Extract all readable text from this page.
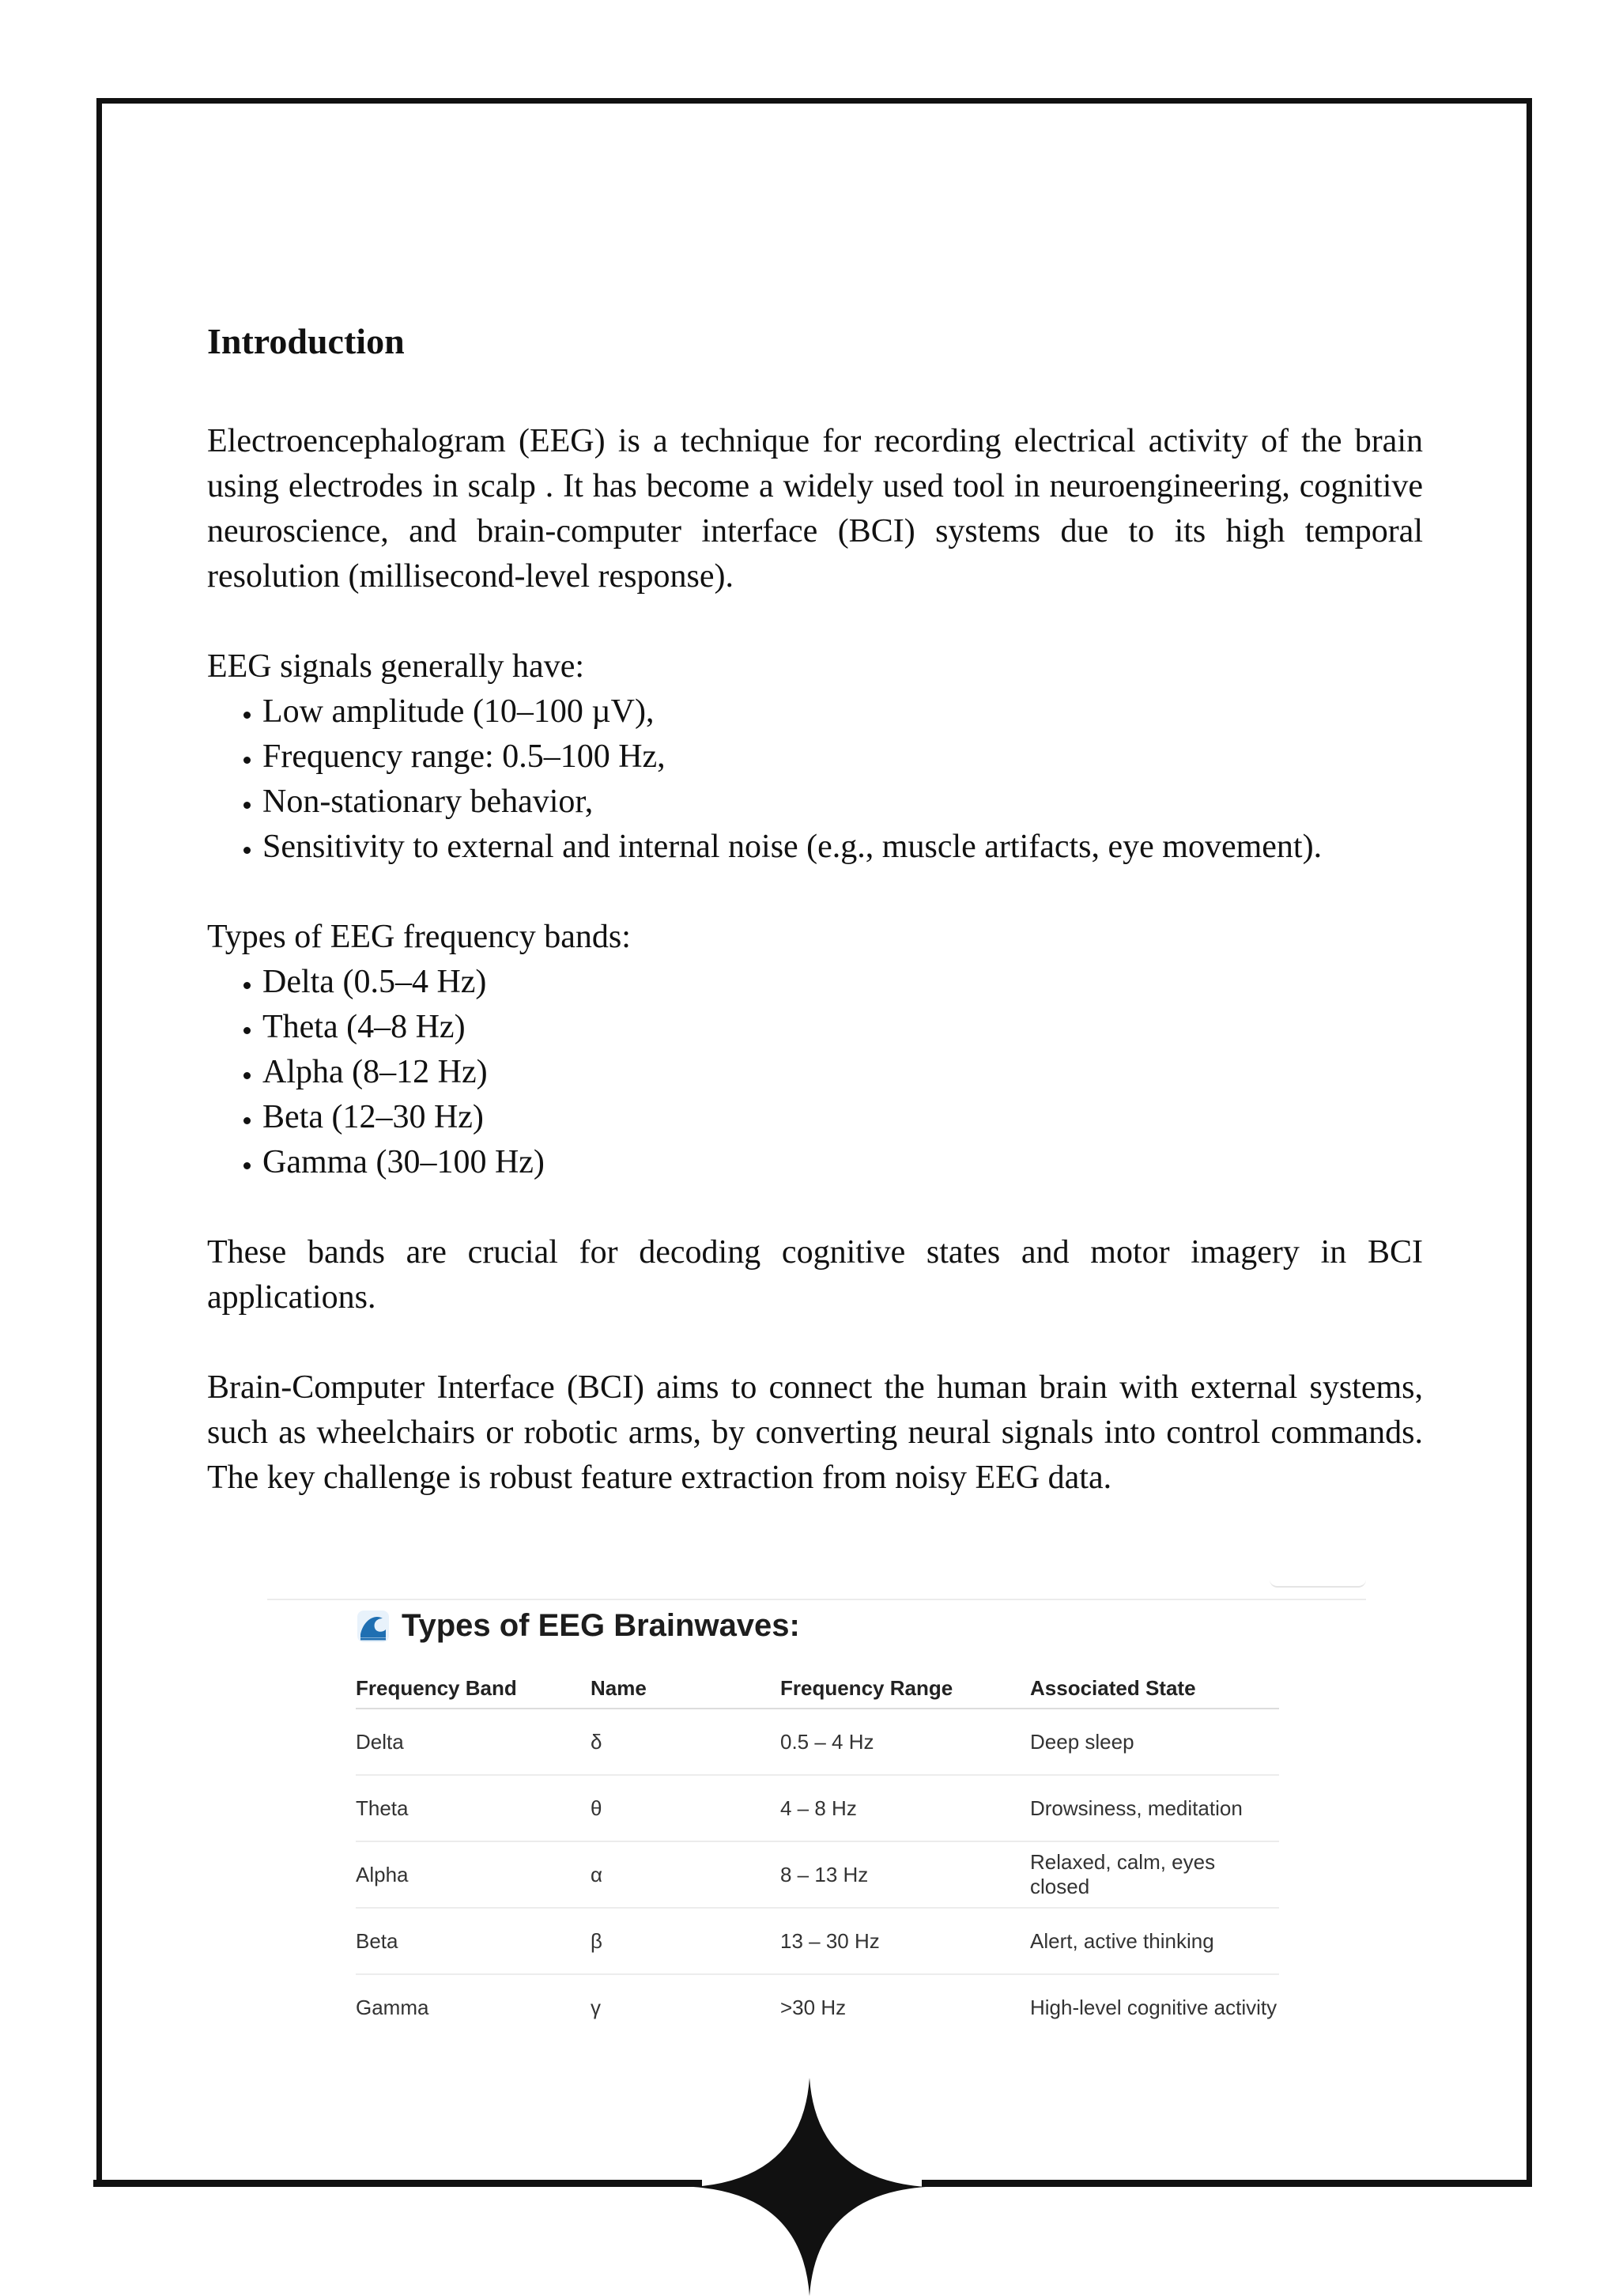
Introduction

Electroencephalogram (EEG) is a technique for recording electrical activity of the brain using electrodes in scalp . It has become a widely used tool in neuroengineering, cognitive neuroscience, and brain-computer interface (BCI) systems due to its high temporal resolution (millisecond-level response).

EEG signals generally have:

• Low amplitude (10–100 µV),
• Frequency range: 0.5–100 Hz,
• Non-stationary behavior,
• Sensitivity to external and internal noise (e.g., muscle artifacts, eye movement).

Types of EEG frequency bands:

• Delta (0.5–4 Hz)
• Theta (4–8 Hz)
• Alpha (8–12 Hz)
• Beta (12–30 Hz)
• Gamma (30–100 Hz)

These bands are crucial for decoding cognitive states and motor imagery in BCI applications.

Brain-Computer Interface (BCI) aims to connect the human brain with external systems, such as wheelchairs or robotic arms, by converting neural signals into control commands. The key challenge is robust feature extraction from noisy EEG data.

Types of EEG Brainwaves:
Frequency Band	Name	Frequency Range	Associated State
Delta	δ	0.5 – 4 Hz	Deep sleep
Theta	θ	4 – 8 Hz	Drowsiness, meditation
Alpha	α	8 – 13 Hz	Relaxed, calm, eyes closed
Beta	β	13 – 30 Hz	Alert, active thinking
Gamma	γ	>30 Hz	High-level cognitive activity
